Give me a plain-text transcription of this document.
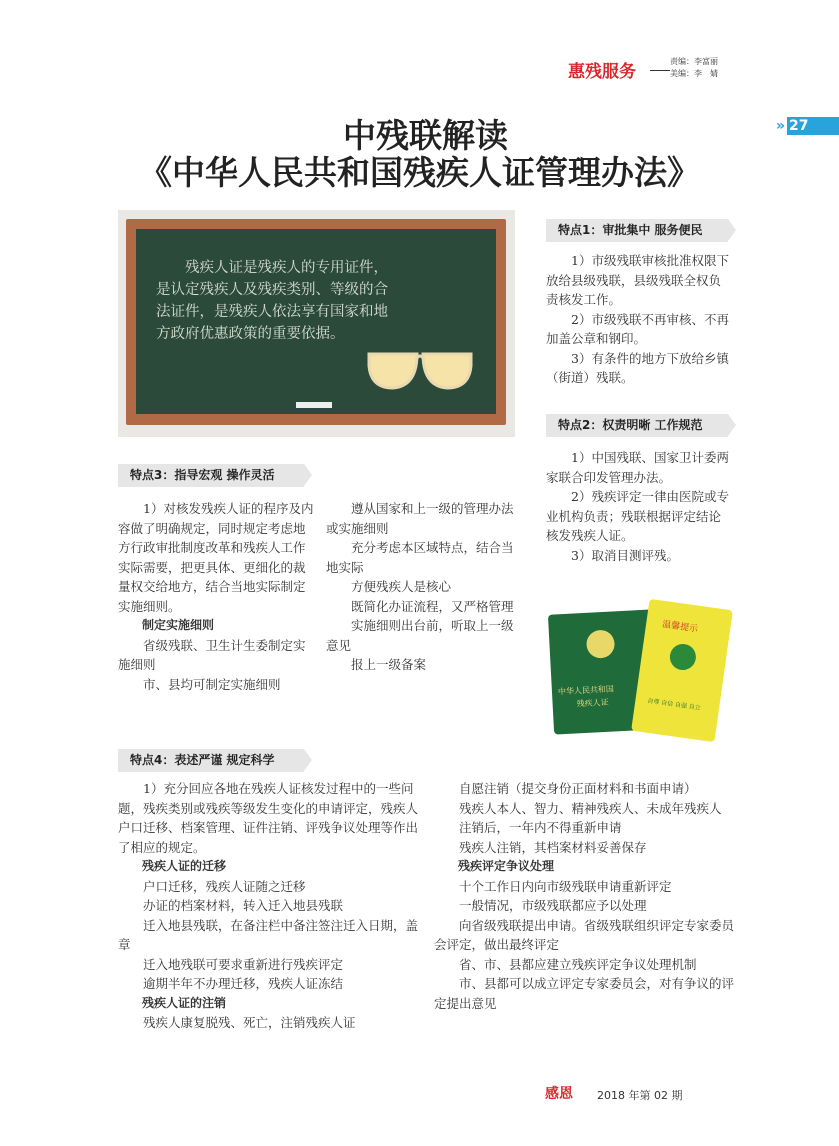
惠残服务
责编：李富丽
美编：李　婧
» 27
中残联解读
《中华人民共和国残疾人证管理办法》
残疾人证是残疾人的专用证件，
是认定残疾人及残疾类别、等级的合
法证件，是残疾人依法享有国家和地
方政府优惠政策的重要依据。
特点1：审批集中 服务便民
1）市级残联审核批准权限下放给县级残联，县级残联全权负责核发工作。
2）市级残联不再审核、不再加盖公章和钢印。
3）有条件的地方下放给乡镇（街道）残联。
特点2：权责明晰 工作规范
1）中国残联、国家卫计委两家联合印发管理办法。
2）残疾评定一律由医院或专业机构负责；残联根据评定结论核发残疾人证。
3）取消目测评残。
特点3：指导宏观 操作灵活
1）对核发残疾人证的程序及内容做了明确规定，同时规定考虑地方行政审批制度改革和残疾人工作实际需要，把更具体、更细化的裁量权交给地方，结合当地实际制定实施细则。
制定实施细则
省级残联、卫生计生委制定实施细则
市、县均可制定实施细则
遵从国家和上一级的管理办法或实施细则
充分考虑本区域特点，结合当地实际
方便残疾人是核心
既简化办证流程，又严格管理
实施细则出台前，听取上一级意见
报上一级备案
中华人民共和国
残疾人证
温馨提示
自尊 自信 自强 自立
特点4：表述严谨 规定科学
1）充分回应各地在残疾人证核发过程中的一些问题，残疾类别或残疾等级发生变化的申请评定，残疾人户口迁移、档案管理、证件注销、评残争议处理等作出了相应的规定。
残疾人证的迁移
户口迁移，残疾人证随之迁移
办证的档案材料，转入迁入地县残联
迁入地县残联，在备注栏中备注签注迁入日期，盖章
迁入地残联可要求重新进行残疾评定
逾期半年不办理迁移，残疾人证冻结
残疾人证的注销
残疾人康复脱残、死亡，注销残疾人证
自愿注销（提交身份正面材料和书面申请）
残疾人本人、智力、精神残疾人、未成年残疾人
注销后，一年内不得重新申请
残疾人注销，其档案材料妥善保存
残疾评定争议处理
十个工作日内向市级残联申请重新评定
一般情况，市级残联都应予以处理
向省级残联提出申请。省级残联组织评定专家委员会评定，做出最终评定
省、市、县都应建立残疾评定争议处理机制
市、县都可以成立评定专家委员会，对有争议的评定提出意见
感恩 2018 年第 02 期
